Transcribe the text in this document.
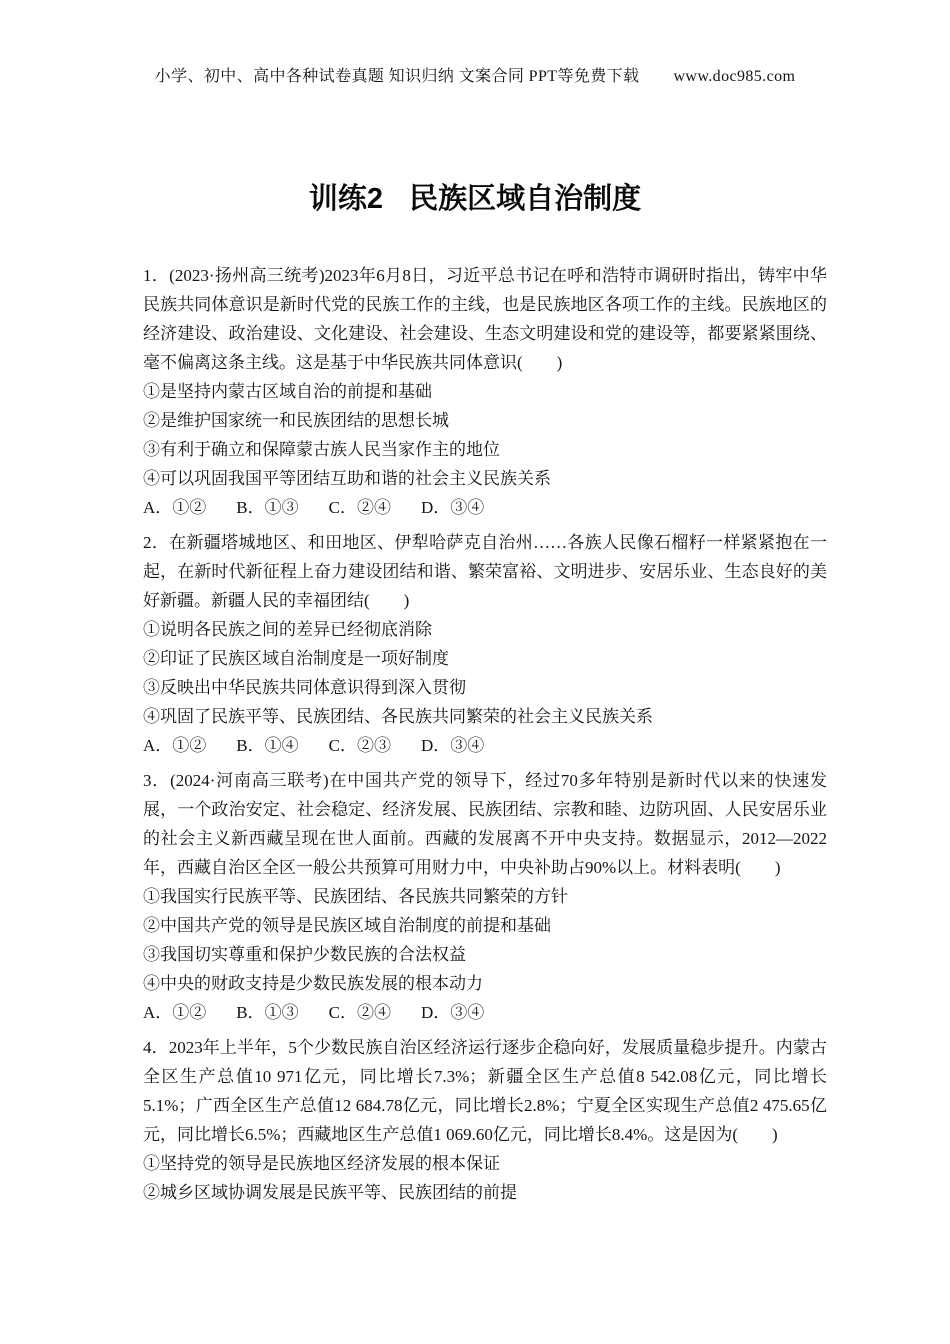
小学、初中、高中各种试卷真题 知识归纳 文案合同 PPT等免费下载 www.doc985.com
训练2 民族区域自治制度

1．(2023·扬州高三统考)2023年6月8日，习近平总书记在呼和浩特市调研时指出，铸牢中华民族共同体意识是新时代党的民族工作的主线，也是民族地区各项工作的主线。民族地区的经济建设、政治建设、文化建设、社会建设、生态文明建设和党的建设等，都要紧紧围绕、毫不偏离这条主线。这是基于中华民族共同体意识(　　)

①是坚持内蒙古区域自治的前提和基础

②是维护国家统一和民族团结的思想长城

③有利于确立和保障蒙古族人民当家作主的地位

④可以巩固我国平等团结互助和谐的社会主义民族关系

A．①② B．①③ C．②④ D．③④

2．在新疆塔城地区、和田地区、伊犁哈萨克自治州……各族人民像石榴籽一样紧紧抱在一起，在新时代新征程上奋力建设团结和谐、繁荣富裕、文明进步、安居乐业、生态良好的美好新疆。新疆人民的幸福团结(　　)

①说明各民族之间的差异已经彻底消除

②印证了民族区域自治制度是一项好制度

③反映出中华民族共同体意识得到深入贯彻

④巩固了民族平等、民族团结、各民族共同繁荣的社会主义民族关系

A．①② B．①④ C．②③ D．③④

3．(2024·河南高三联考)在中国共产党的领导下，经过70多年特别是新时代以来的快速发展，一个政治安定、社会稳定、经济发展、民族团结、宗教和睦、边防巩固、人民安居乐业的社会主义新西藏呈现在世人面前。西藏的发展离不开中央支持。数据显示，2012—2022年，西藏自治区全区一般公共预算可用财力中，中央补助占90%以上。材料表明(　　)

①我国实行民族平等、民族团结、各民族共同繁荣的方针

②中国共产党的领导是民族区域自治制度的前提和基础

③我国切实尊重和保护少数民族的合法权益

④中央的财政支持是少数民族发展的根本动力

A．①② B．①③ C．②④ D．③④

4．2023年上半年，5个少数民族自治区经济运行逐步企稳向好，发展质量稳步提升。内蒙古全区生产总值10 971亿元，同比增长7.3%；新疆全区生产总值8 542.08亿元，同比增长5.1%；广西全区生产总值12 684.78亿元，同比增长2.8%；宁夏全区实现生产总值2 475.65亿元，同比增长6.5%；西藏地区生产总值1 069.60亿元，同比增长8.4%。这是因为(　　)

①坚持党的领导是民族地区经济发展的根本保证

②城乡区域协调发展是民族平等、民族团结的前提
